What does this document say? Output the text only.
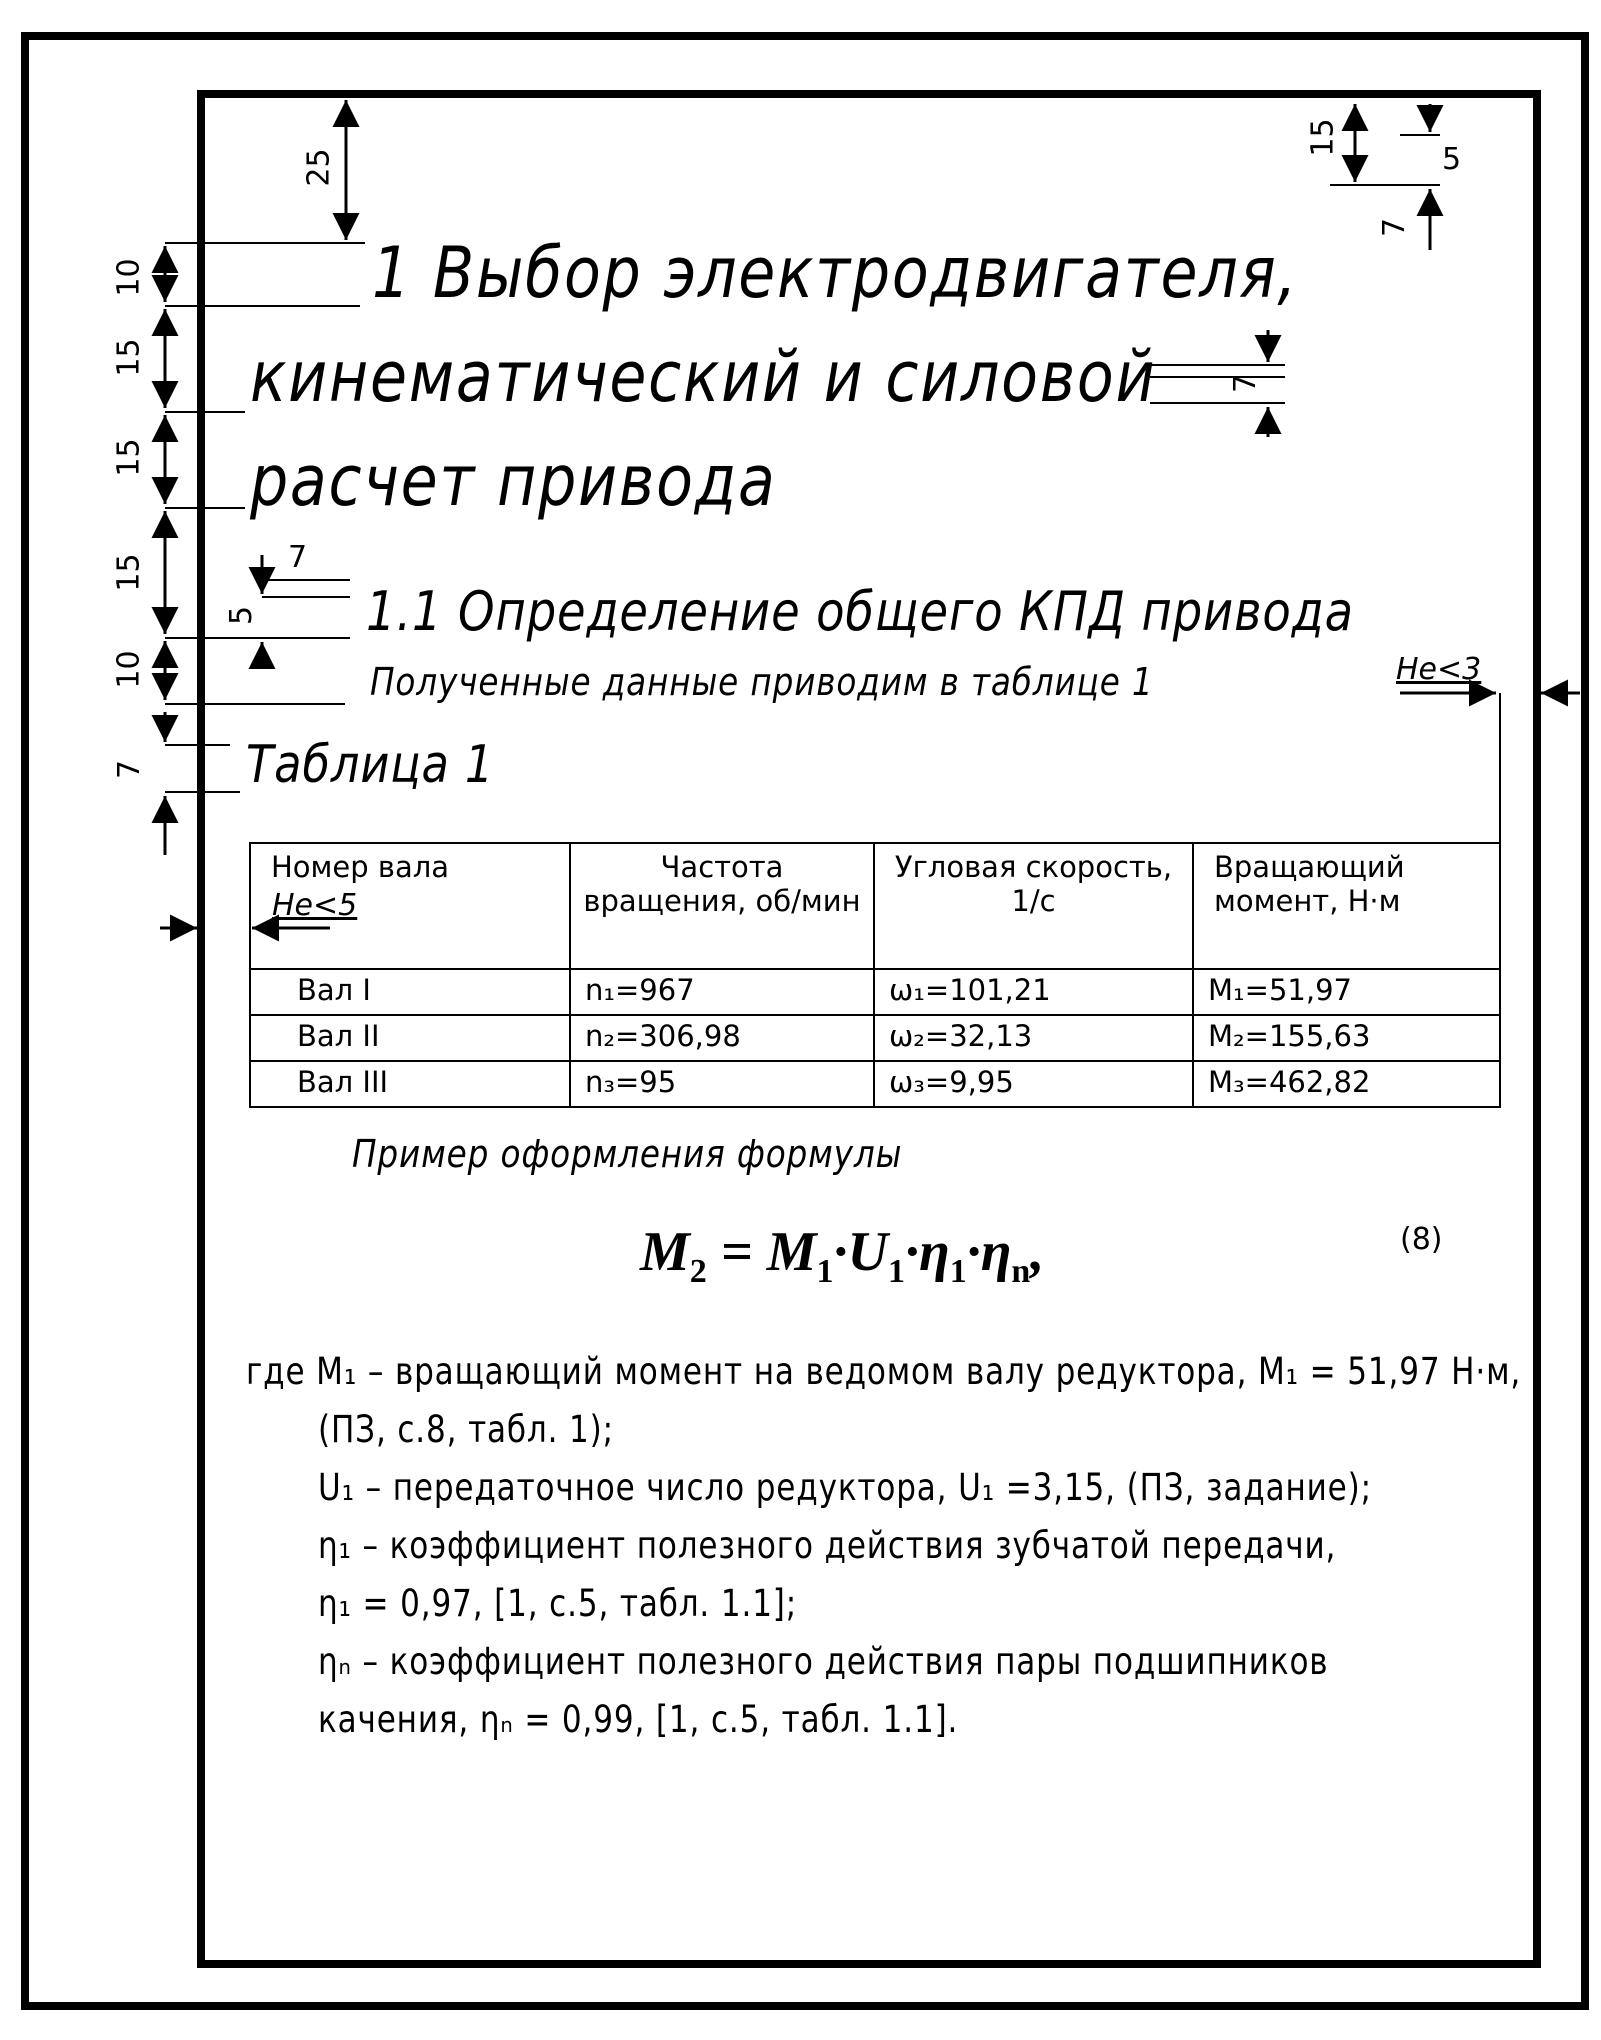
25
10
15
15
15
10
7
7
5
7
15
5
7
Не<3
Не<5
1 Выбор электродвигателя,
кинематический и силовой
расчет привода
1.1 Определение общего КПД привода
Полученные данные приводим в таблице 1
Таблица 1
Номер вала	Частота вращения, об/мин	Угловая скорость, 1/с	Вращающий момент, Н·м
Вал I	n₁=967	ω₁=101,21	M₁=51,97
Вал II	n₂=306,98	ω₂=32,13	M₂=155,63
Вал III	n₃=95	ω₃=9,95	M₃=462,82
Пример оформления формулы
$M_2 = M_1\cdot U_1\cdot\eta_1\cdot\eta_n$,	(8)
где M₁ – вращающий момент на ведомом валу редуктора, M₁ = 51,97 Н·м,
(ПЗ, с.8, табл. 1);
U₁ – передаточное число редуктора, U₁ =3,15, (ПЗ, задание);
η₁ – коэффициент полезного действия зубчатой передачи,
η₁ = 0,97, [1, с.5, табл. 1.1];
ηₙ – коэффициент полезного действия пары подшипников
качения, ηₙ = 0,99, [1, с.5, табл. 1.1].
